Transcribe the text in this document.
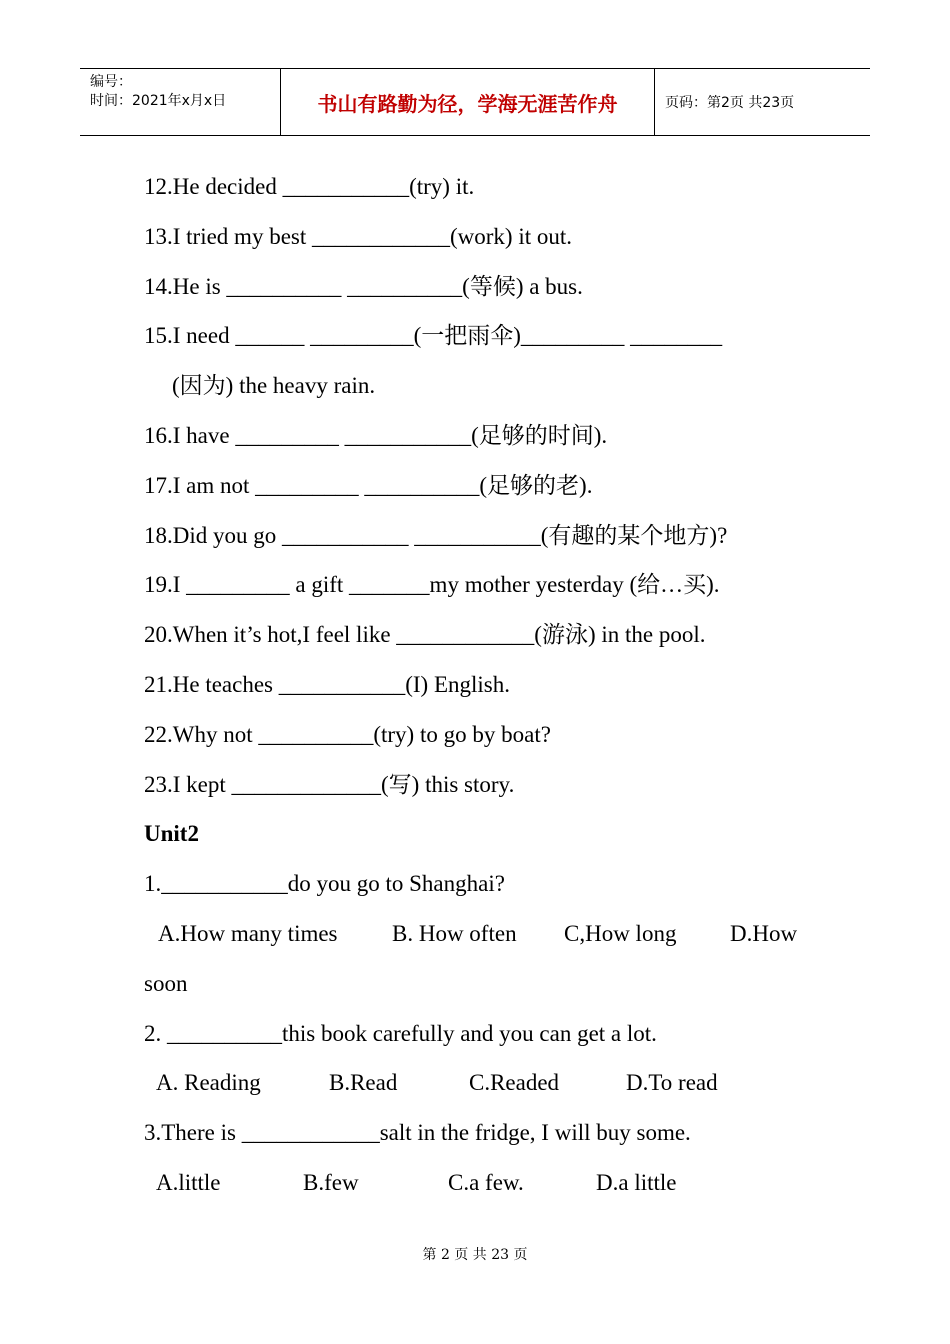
编号：
时间：2021年x月x日	书山有路勤为径，学海无涯苦作舟	页码：第2页 共23页
12.He decided ___________(try) it.
13.I tried my best ____________(work) it out.
14.He is __________ __________(等候) a bus.
15.I need ______ _________(一把雨伞)_________ ________
(因为) the heavy rain.
16.I have _________ ___________(足够的时间).
17.I am not _________ __________(足够的老).
18.Did you go ___________ ___________(有趣的某个地方)?
19.I _________ a gift _______my mother yesterday (给…买).
20.When it’s hot,I feel like ____________(游泳) in the pool.
21.He teaches ___________(I) English.
22.Why not __________(try) to go by boat?
23.I kept _____________(写) this story.
Unit2
1.___________do you go to Shanghai?
A.How many times B. How often C,How long D.How
soon
2. __________this book carefully and you can get a lot.
A. Reading	B.Read	C.Readed	D.To read
3.There is ____________salt in the fridge, I will buy some.
A.little	B.few	C.a few.	D.a little
第 2 页 共 23 页
